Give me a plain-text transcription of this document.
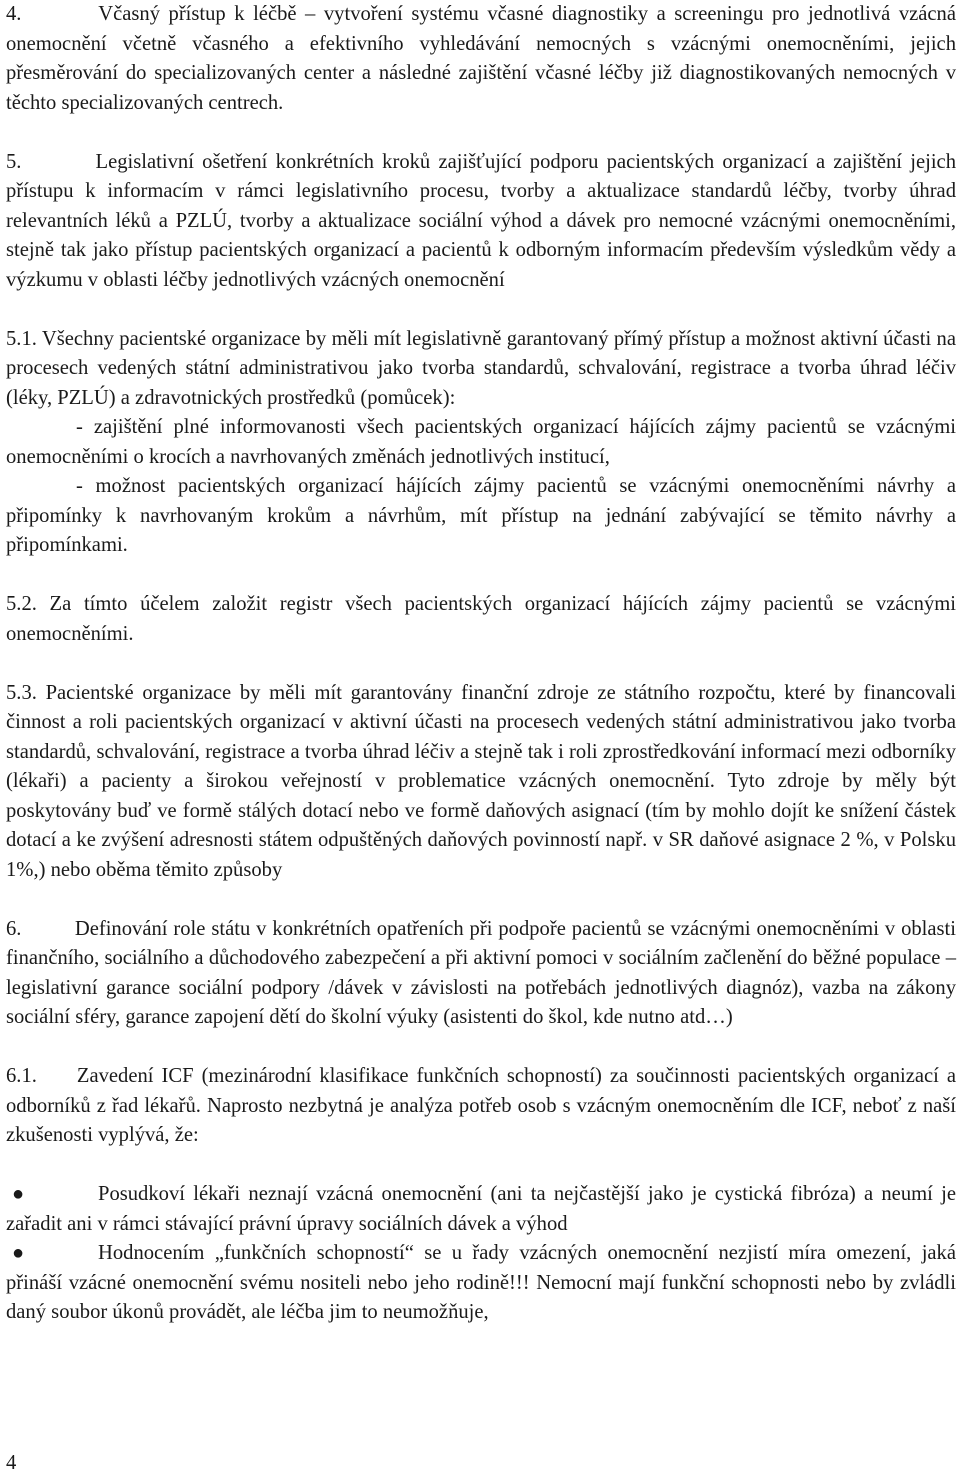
4.         Včasný přístup k léčbě – vytvoření systému včasné diagnostiky a screeningu pro jednotlivá vzácná onemocnění včetně včasného a efektivního vyhledávání nemocných s vzácnými onemocněními, jejich přesměrování do specializovaných center a následné zajištění včasné léčby již diagnostikovaných nemocných v těchto specializovaných centrech.

5.         Legislativní ošetření konkrétních kroků zajišťující podporu pacientských organizací a zajištění jejich přístupu k informacím v rámci legislativního procesu, tvorby a aktualizace standardů léčby, tvorby úhrad relevantních léků a PZLÚ, tvorby a aktualizace sociální výhod a dávek pro nemocné vzácnými onemocněními, stejně tak jako přístup pacientských organizací a pacientů k odborným informacím především výsledkům vědy a výzkumu v oblasti léčby jednotlivých vzácných onemocnění

5.1. Všechny pacientské organizace by měli mít legislativně garantovaný přímý přístup a možnost aktivní účasti na procesech vedených státní administrativou jako tvorba standardů, schvalování, registrace a tvorba úhrad léčiv (léky, PZLÚ) a zdravotnických prostředků (pomůcek):

- zajištění plné informovanosti všech pacientských organizací hájících zájmy pacientů se vzácnými onemocněními o krocích a navrhovaných změnách jednotlivých institucí,

- možnost pacientských organizací hájících zájmy pacientů se vzácnými onemocněními návrhy a připomínky k navrhovaným krokům a návrhům, mít přístup na jednání zabývající se těmito návrhy a připomínkami.

5.2. Za tímto účelem založit registr všech pacientských organizací hájících zájmy pacientů se vzácnými onemocněními.

5.3. Pacientské organizace by měli mít garantovány finanční zdroje ze státního rozpočtu, které by financovali činnost a roli pacientských organizací v aktivní účasti na procesech vedených státní administrativou jako tvorba standardů, schvalování, registrace a tvorba úhrad léčiv a stejně tak i roli zprostředkování informací mezi odborníky (lékaři) a pacienty a širokou veřejností v problematice vzácných onemocnění. Tyto zdroje by měly být poskytovány buď ve formě stálých dotací nebo ve formě daňových asignací (tím by mohlo dojít ke snížení částek dotací a ke zvýšení adresnosti státem odpuštěných daňových povinností např. v SR daňové asignace 2 %, v Polsku 1%,) nebo oběma těmito způsoby

6.         Definování role státu v konkrétních opatřeních při podpoře pacientů se vzácnými onemocněními v oblasti finančního, sociálního a důchodového zabezpečení a při aktivní pomoci v sociálním začlenění do běžné populace – legislativní garance sociální podpory /dávek v závislosti na potřebách jednotlivých diagnóz), vazba na zákony sociální sféry, garance zapojení dětí do školní výuky (asistenti do škol, kde nutno atd…)

6.1.     Zavedení ICF (mezinárodní klasifikace funkčních schopností) za součinnosti pacientských organizací a odborníků z řad lékařů. Naprosto nezbytná je analýza potřeb osob s vzácným onemocněním dle ICF, neboť z naší zkušenosti vyplývá, že:

●	Posudkoví lékaři neznají vzácná onemocnění (ani ta nejčastější jako je cystická fibróza) a neumí je zařadit ani v rámci stávající právní úpravy sociálních dávek a výhod
●	Hodnocením „funkčních schopností“ se u řady vzácných onemocnění nezjistí míra omezení, jaká přináší vzácné onemocnění svému nositeli nebo jeho rodině!!! Nemocní mají funkční schopnosti nebo by zvládli daný soubor úkonů provádět, ale léčba jim to neumožňuje,
4
